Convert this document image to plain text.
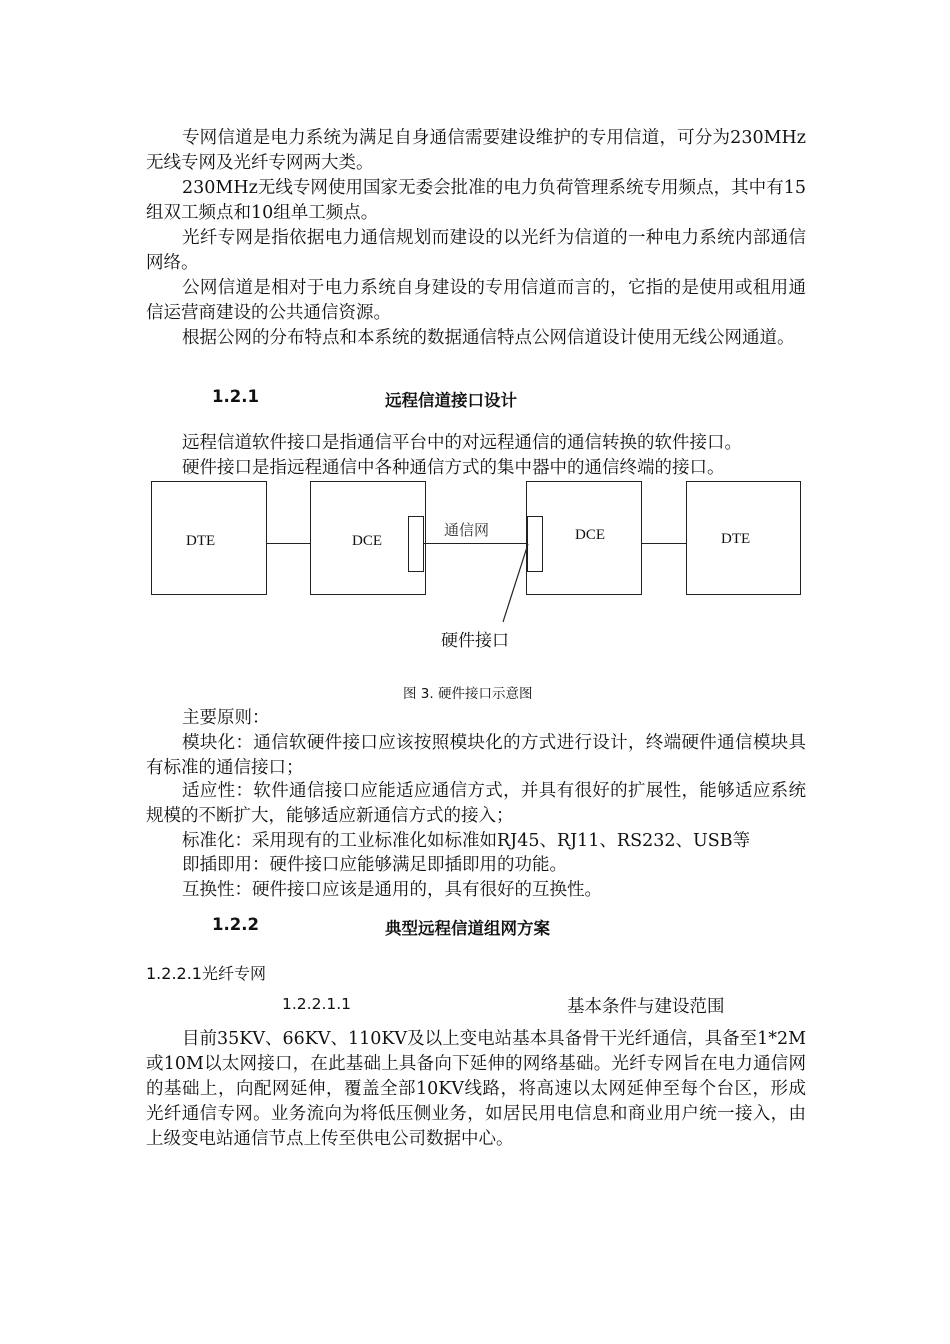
专网信道是电力系统为满足自身通信需要建设维护的专用信道，可分为230MHz无线专网及光纤专网两大类。

230MHz无线专网使用国家无委会批准的电力负荷管理系统专用频点，其中有15组双工频点和10组单工频点。

光纤专网是指依据电力通信规划而建设的以光纤为信道的一种电力系统内部通信网络。

公网信道是相对于电力系统自身建设的专用信道而言的，它指的是使用或租用通信运营商建设的公共通信资源。

根据公网的分布特点和本系统的数据通信特点公网信道设计使用无线公网通道。

1.2.1	远程信道接口设计
远程信道软件接口是指通信平台中的对远程通信的通信转换的软件接口。
硬件接口是指远程通信中各种通信方式的集中器中的通信终端的接口。
DTE	DCE
通信网	DCE	DTE
硬件接口
图 3. 硬件接口示意图
主要原则：

模块化：通信软硬件接口应该按照模块化的方式进行设计，终端硬件通信模块具有标准的通信接口；

适应性：软件通信接口应能适应通信方式，并具有很好的扩展性，能够适应系统规模的不断扩大，能够适应新通信方式的接入；

标准化：采用现有的工业标准化如标准如RJ45、RJ11、RS232、USB等
即插即用：硬件接口应能够满足即插即用的功能。
互换性：硬件接口应该是通用的，具有很好的互换性。
1.2.2	典型远程信道组网方案
1.2.2.1光纤专网
1.2.2.1.1	基本条件与建设范围

目前35KV、66KV、110KV及以上变电站基本具备骨干光纤通信，具备至1*2M或10M以太网接口，在此基础上具备向下延伸的网络基础。光纤专网旨在电力通信网的基础上，向配网延伸，覆盖全部10KV线路，将高速以太网延伸至每个台区，形成光纤通信专网。业务流向为将低压侧业务，如居民用电信息和商业用户统一接入，由上级变电站通信节点上传至供电公司数据中心。
